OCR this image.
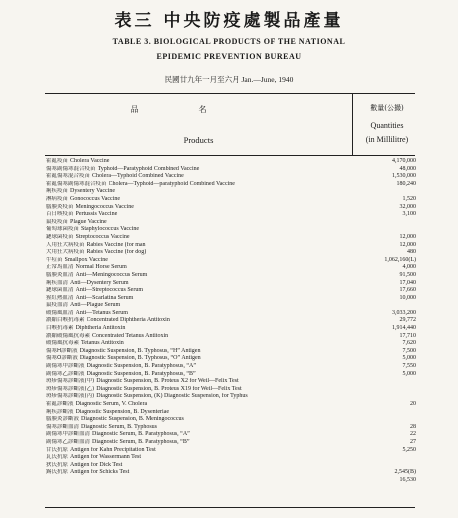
表三 中央防疫處製品產量
TABLE 3. BIOLOGICAL PRODUCTS OF THE NATIONAL
EPIDEMIC PREVENTION BUREAU
民國廿九年一月至六月 Jan.—June, 1940
品名
Products
數量(公撮)
Quantities
(in Millilitre)
霍亂疫苗 Cholera Vaccine	4,170,000
傷寒副傷寒混合疫苗 Typhoid—Paratyphoid Combined Vaccine	48,000
霍亂傷寒混合疫苗 Cholera—Typhoid Combined Vaccine	1,530,000
霍亂傷寒副傷寒混合疫苗 Cholera—Typhoid—paratyphoid Combined Vaccine	180,240
痢疾疫苗 Dysentery Vaccine
淋病疫苗 Gonococcus Vaccine	1,520
腦膜炎疫苗 Meningococcus Vaccine	32,000
百日咳疫苗 Pertussis Vaccine	3,100
鼠疫疫苗 Plague Vaccine
葡萄球菌疫苗 Staphylococcus Vaccine
鏈球菌疫苗 Streptococcus Vaccine	12,000
人用狂犬病疫苗 Rabies Vaccine (for man	12,000
犬用狂犬病疫苗 Rabies Vaccine (for dog)	480
牛痘苗 Smallpox Vaccine	1,062,160(L)
正常馬血清 Normal Horse Serum	4,000
腦膜炎血清 Anti—Meningococcus Serum	91,500
痢疾血清 Anti—Dysentery Serum	17,040
鏈球菌血清 Anti—Streptococcus Serum	17,660
猩紅熱血清 Anti—Scarlatina Serum	10,000
鼠疫血清 Anti—Plague Serum
破傷風血清 Anti—Tetanus Serum	3,033,200
濃縮白喉抗毒素 Concentrated Diphtheria Antitoxin	29,772
白喉抗毒素 Diphtheria Antitoxin	1,914,440
濃縮破傷風抗毒素 Concentrated Tetanus Antitoxin	17,710
破傷風抗毒素 Tetanus Antitoxin	7,620
傷寒H診斷液 Diagnostic Suspension, B. Typhosus, “H” Antigen	7,500
傷寒O診斷液 Diagnostic Suspension, B. Typhosus, “O” Antigen	5,000
副傷寒甲診斷液 Diagnostic Suspension, B. Paratyphosus, “A”	7,550
副傷寒乙診斷液 Diagnostic Suspension, B. Paratyphosus, “B”	5,000
斑疹傷寒診斷液(甲) Diagnostic Suspension, B. Proteus X2 for Weil—Felix Test
斑疹傷寒診斷液(乙) Diagnostic Suspension, B. Proteus X19 for Weil—Felix Test
斑疹傷寒診斷液(丙) Diagnostic Suspension, (K) Diagnostic Suspension, for Typhus
霍亂診斷液 Diagnostic Serum, V. Cholera	20
痢疾診斷液 Diagnostic Suspension, B. Dysenteriae
腦膜炎診斷液 Diagnostic Suspension, B. Meningococcus
傷寒診斷血清 Diagnostic Serum, B. Typhosus	28
副傷寒甲診斷血清 Diagnostic Serum, B. Paratyphosus, “A”	22
副傷寒乙診斷血清 Diagnostic Serum, B. Paratyphosus, “B”	27
甘氏抗原 Antigen for Kahn Precipitation Test	5,250
瓦氏抗原 Antigen for Wassermann Test
狄氏抗原 Antigen for Dick Test
錫氏抗原 Antigen for Schicks Test	2,545(B)
16,530
